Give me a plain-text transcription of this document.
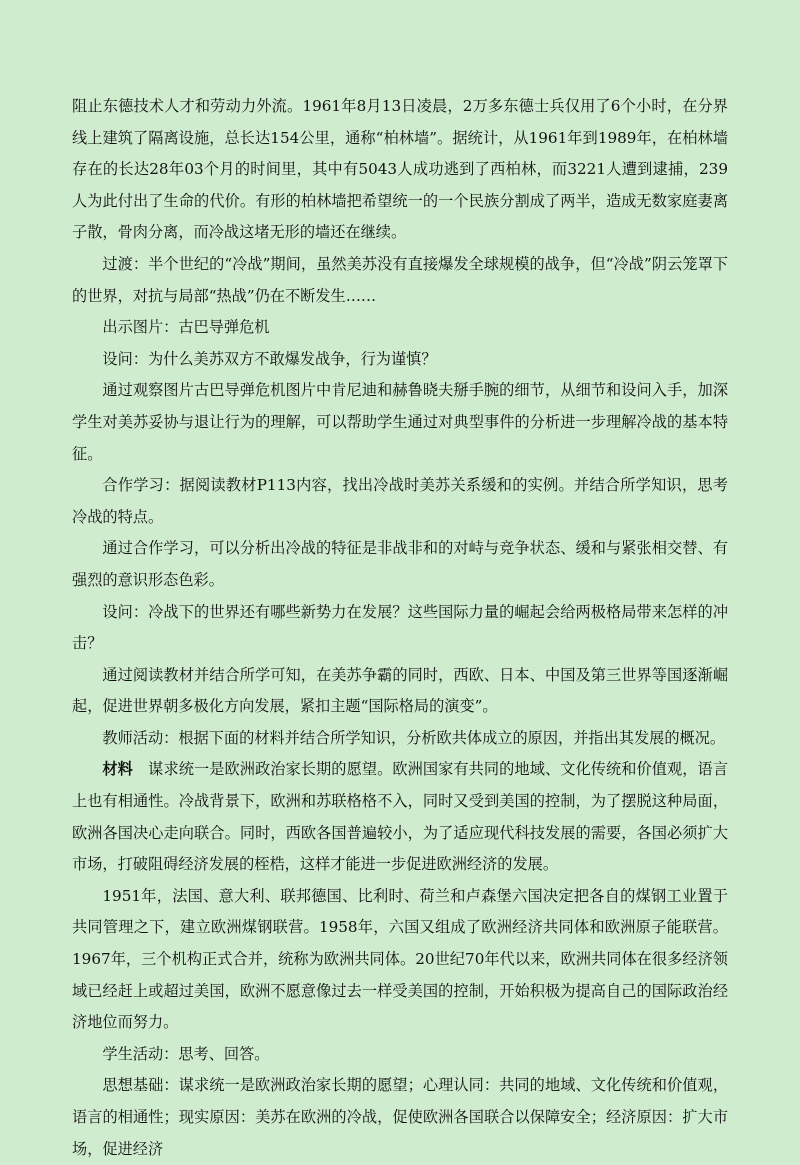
阻止东德技术人才和劳动力外流。1961年8月13日凌晨，2万多东德士兵仅用了6个小时，在分界线上建筑了隔离设施，总长达154公里，通称“柏林墙”。据统计，从1961年到1989年，在柏林墙存在的长达28年03个月的时间里，其中有5043人成功逃到了西柏林，而3221人遭到逮捕，239人为此付出了生命的代价。有形的柏林墙把希望统一的一个民族分割成了两半，造成无数家庭妻离子散，骨肉分离，而冷战这堵无形的墙还在继续。

过渡：半个世纪的“冷战”期间，虽然美苏没有直接爆发全球规模的战争，但“冷战”阴云笼罩下的世界，对抗与局部“热战”仍在不断发生……

出示图片：古巴导弹危机

设问：为什么美苏双方不敢爆发战争，行为谨慎？

通过观察图片古巴导弹危机图片中肯尼迪和赫鲁晓夫掰手腕的细节，从细节和设问入手，加深学生对美苏妥协与退让行为的理解，可以帮助学生通过对典型事件的分析进一步理解冷战的基本特征。

合作学习：据阅读教材P113内容，找出冷战时美苏关系缓和的实例。并结合所学知识，思考冷战的特点。

通过合作学习，可以分析出冷战的特征是非战非和的对峙与竞争状态、缓和与紧张相交替、有强烈的意识形态色彩。

设问：冷战下的世界还有哪些新势力在发展？这些国际力量的崛起会给两极格局带来怎样的冲击？

通过阅读教材并结合所学可知，在美苏争霸的同时，西欧、日本、中国及第三世界等国逐渐崛起，促进世界朝多极化方向发展，紧扣主题“国际格局的演变”。

教师活动：根据下面的材料并结合所学知识，分析欧共体成立的原因，并指出其发展的概况。

材料　谋求统一是欧洲政治家长期的愿望。欧洲国家有共同的地域、文化传统和价值观，语言上也有相通性。冷战背景下，欧洲和苏联格格不入，同时又受到美国的控制，为了摆脱这种局面，欧洲各国决心走向联合。同时，西欧各国普遍较小，为了适应现代科技发展的需要，各国必须扩大市场，打破阻碍经济发展的桎梏，这样才能进一步促进欧洲经济的发展。

1951年，法国、意大利、联邦德国、比利时、荷兰和卢森堡六国决定把各自的煤钢工业置于共同管理之下，建立欧洲煤钢联营。1958年，六国又组成了欧洲经济共同体和欧洲原子能联营。1967年，三个机构正式合并，统称为欧洲共同体。20世纪70年代以来，欧洲共同体在很多经济领域已经赶上或超过美国，欧洲不愿意像过去一样受美国的控制，开始积极为提高自己的国际政治经济地位而努力。

学生活动：思考、回答。

思想基础：谋求统一是欧洲政治家长期的愿望；心理认同：共同的地域、文化传统和价值观，语言的相通性；现实原因：美苏在欧洲的冷战，促使欧洲各国联合以保障安全；经济原因：扩大市场，促进经济
